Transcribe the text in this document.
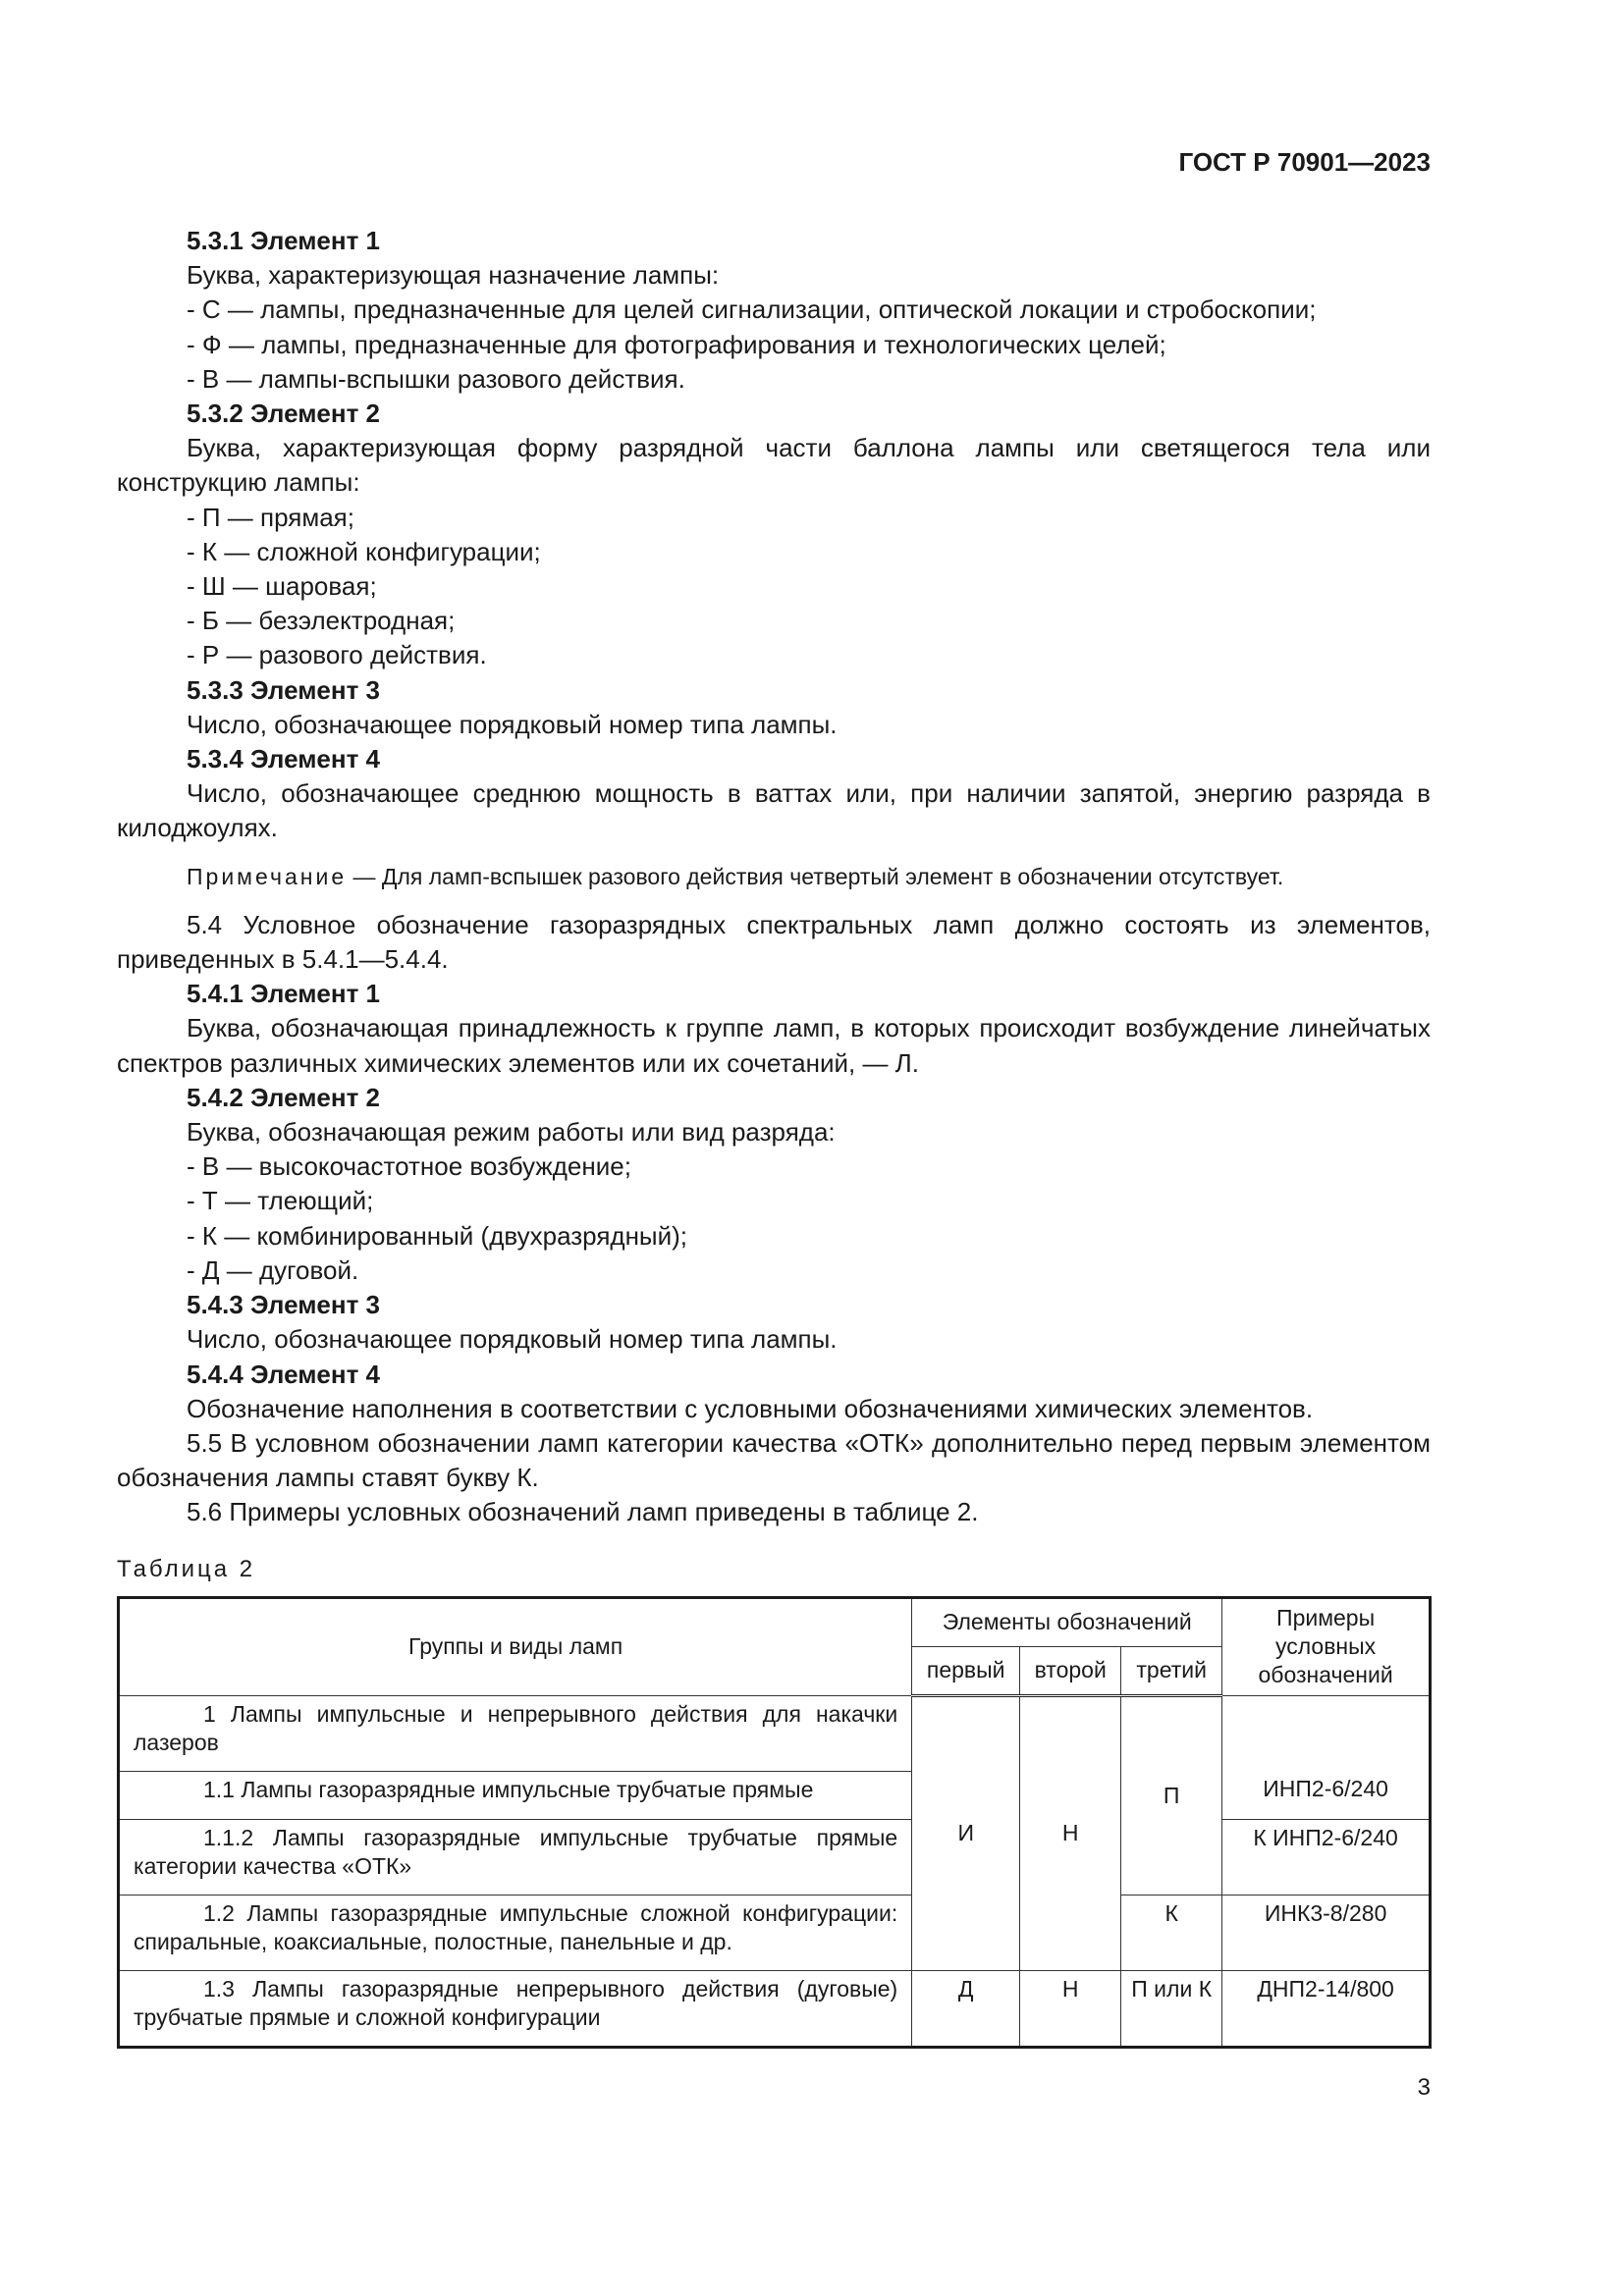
ГОСТ Р 70901—2023

5.3.1 Элемент 1

Буква, характеризующая назначение лампы:

- С — лампы, предназначенные для целей сигнализации, оптической локации и стробоскопии;

- Ф — лампы, предназначенные для фотографирования и технологических целей;

- В — лампы-вспышки разового действия.

5.3.2 Элемент 2

Буква, характеризующая форму разрядной части баллона лампы или светящегося тела или конструкцию лампы:

- П — прямая;

- К — сложной конфигурации;

- Ш — шаровая;

- Б — безэлектродная;

- Р — разового действия.

5.3.3 Элемент 3

Число, обозначающее порядковый номер типа лампы.

5.3.4 Элемент 4

Число, обозначающее среднюю мощность в ваттах или, при наличии запятой, энергию разряда в килоджоулях.

Примечание — Для ламп-вспышек разового действия четвертый элемент в обозначении отсутствует.

5.4 Условное обозначение газоразрядных спектральных ламп должно состоять из элементов, приведенных в 5.4.1—5.4.4.

5.4.1 Элемент 1

Буква, обозначающая принадлежность к группе ламп, в которых происходит возбуждение линейчатых спектров различных химических элементов или их сочетаний, — Л.

5.4.2 Элемент 2

Буква, обозначающая режим работы или вид разряда:

- В — высокочастотное возбуждение;

- Т — тлеющий;

- К — комбинированный (двухразрядный);

- Д — дуговой.

5.4.3 Элемент 3

Число, обозначающее порядковый номер типа лампы.

5.4.4 Элемент 4

Обозначение наполнения в соответствии с условными обозначениями химических элементов.

5.5 В условном обозначении ламп категории качества «ОТК» дополнительно перед первым элементом обозначения лампы ставят букву К.

5.6 Примеры условных обозначений ламп приведены в таблице 2.

Таблица 2

Группы и виды ламп	Элементы обозначений			Примеры условных обозначений
	первый	второй	третий	
1 Лампы импульсные и непрерывного действия для накачки лазеров	И	Н	П	
1.1 Лампы газоразрядные импульсные трубчатые прямые				ИНП2-6/240
1.1.2 Лампы газоразрядные импульсные трубчатые прямые категории качества «ОТК»				К ИНП2-6/240
1.2 Лампы газоразрядные импульсные сложной конфигурации: спиральные, коаксиальные, полостные, панельные и др.			К	ИНК3-8/280
1.3 Лампы газоразрядные непрерывного действия (дуговые) трубчатые прямые и сложной конфигурации	Д	Н	П или К	ДНП2-14/800
3
